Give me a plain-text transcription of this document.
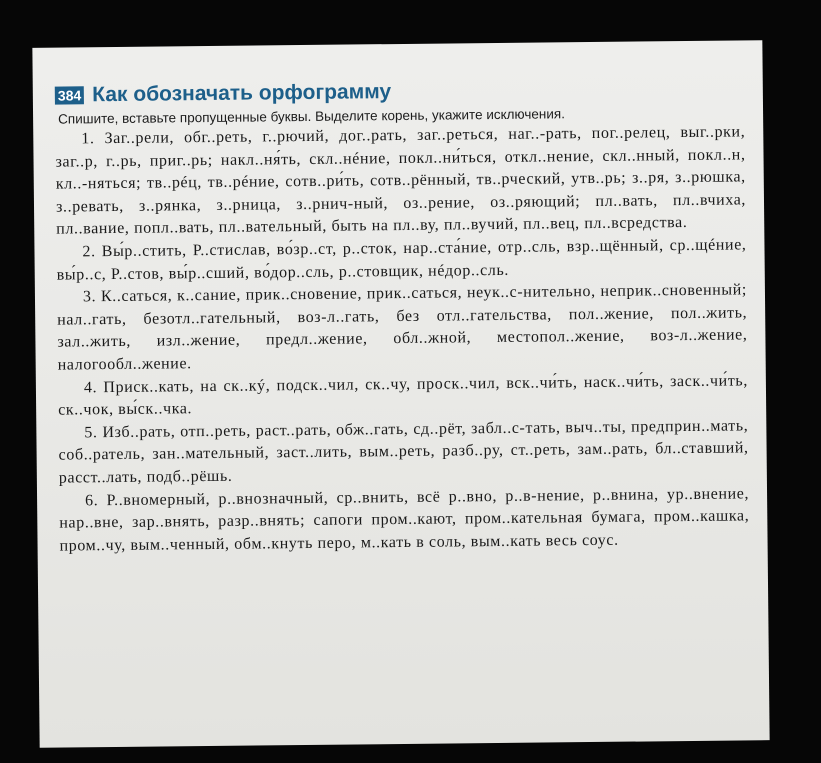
384 Как обозначать орфограмму
Спишите, вставьте пропущенные буквы. Выделите корень, укажите исключения.

1. Заг..рели, обг..реть, г..рючий, дог..рать, заг..реться, наг..-рать, пог..релец, выг..рки, заг..р, г..рь, приг..рь; накл..ня́ть, скл..нéние, покл..ни́ться, откл..нение, скл..нный, покл..н, кл..-няться; тв..рéц, тв..рéние, сотв..ри́ть, сотв..рённый, тв..рческий, утв..рь; з..ря, з..рюшка, з..ревать, з..рянка, з..рница, з..рнич-ный, оз..рение, оз..ряющий; пл..вать, пл..вчиха, пл..вание, попл..вать, пл..вательный, быть на пл..ву, пл..вучий, пл..вец, пл..всредства.

2. Вы́р..стить, Р..стислав, во́зр..ст, р..сток, нар..ста́ние, отр..сль, взр..щённый, ср..щéние, вы́р..с, Р..стов, вы́р..сший, во́дор..сль, р..стовщик, нéдор..сль.

3. К..саться, к..сание, прик..сновение, прик..саться, неук..с-нительно, неприк..сновенный; нал..гать, безотл..гательный, воз-л..гать, без отл..гательства, пол..жение, пол..жить, зал..жить, изл..жение, предл..жение, обл..жной, местопол..жение, воз-л..жение, налогообл..жение.

4. Приск..кать, на ск..кý, подск..чил, ск..чу, проск..чил, вск..чи́ть, наск..чи́ть, заск..чи́ть, ск..чок, вы́ск..чка.

5. Изб..рать, отп..реть, раст..рать, обж..гать, сд..рёт, забл..с-тать, выч..ты, предприн..мать, соб..ратель, зан..мательный, заст..лить, вым..реть, разб..ру, ст..реть, зам..рать, бл..ставший, расст..лать, подб..рёшь.

6. Р..вномерный, р..внозначный, ср..внить, всё р..вно, р..в-нение, р..внина, ур..внение, нар..вне, зар..внять, разр..внять; сапоги пром..кают, пром..кательная бумага, пром..кашка, пром..чу, вым..ченный, обм..кнуть перо, м..кать в соль, вым..кать весь соус.
